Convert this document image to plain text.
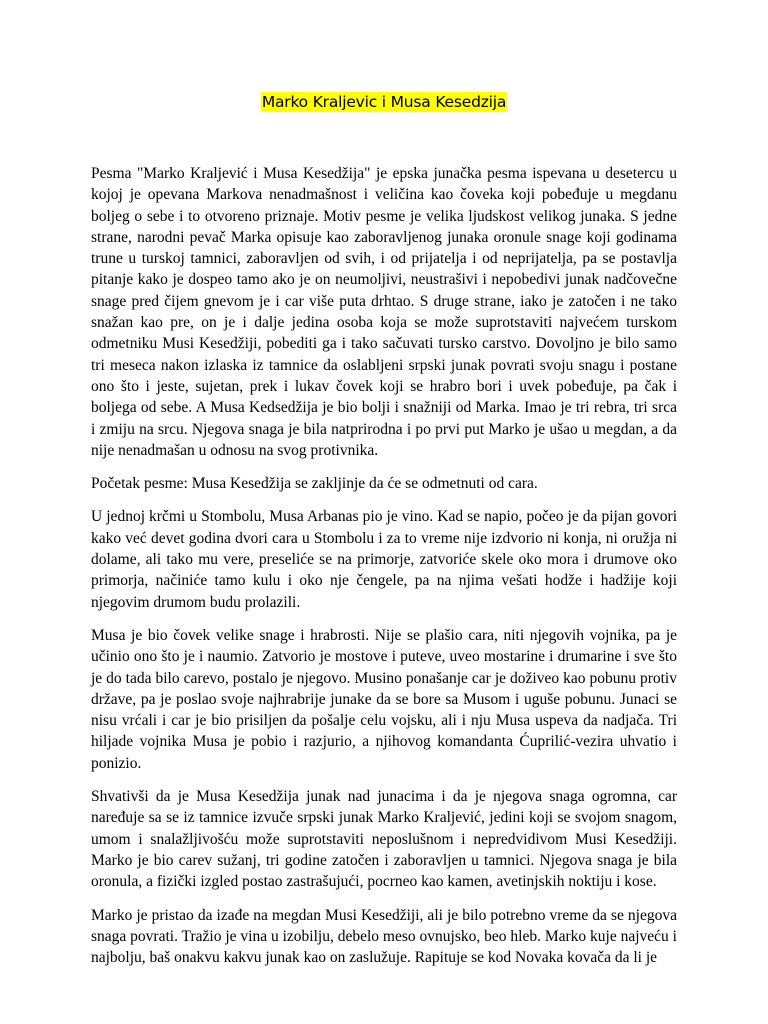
Marko Kraljevic i Musa Kesedzija

Pesma "Marko Kraljević i Musa Kesedžija" je epska junačka pesma ispevana u desetercu u kojoj je opevana Markova nenadmašnost i veličina kao čoveka koji pobeđuje u megdanu boljeg o sebe i to otvoreno priznaje. Motiv pesme je velika ljudskost velikog junaka. S jedne strane, narodni pevač Marka opisuje kao zaboravljenog junaka oronule snage koji godinama trune u turskoj tamnici, zaboravljen od svih, i od prijatelja i od neprijatelja, pa se postavlja pitanje kako je dospeo tamo ako je on neumoljivi, neustrašivi i nepobedivi junak nadčovečne snage pred čijem gnevom je i car više puta drhtao. S druge strane, iako je zatočen i ne tako snažan kao pre, on je i dalje jedina osoba koja se može suprotstaviti najvećem turskom odmetniku Musi Kesedžiji, pobediti ga i tako sačuvati tursko carstvo. Dovoljno je bilo samo tri meseca nakon izlaska iz tamnice da oslabljeni srpski junak povrati svoju snagu i postane ono što i jeste, sujetan, prek i lukav čovek koji se hrabro bori i uvek pobeđuje, pa čak i boljega od sebe. A Musa Kedsedžija je bio bolji i snažniji od Marka. Imao je tri rebra, tri srca i zmiju na srcu. Njegova snaga je bila natprirodna i po prvi put Marko je ušao u megdan, a da nije nenadmašan u odnosu na svog protivnika.

Početak pesme: Musa Kesedžija se zakljinje da će se odmetnuti od cara.

U jednoj krčmi u Stombolu, Musa Arbanas pio je vino. Kad se napio, počeo je da pijan govori kako već devet godina dvori cara u Stombolu i za to vreme nije izdvorio ni konja, ni oružja ni dolame, ali tako mu vere, preseliće se na primorje, zatvoriće skele oko mora i drumove oko primorja, načiniće tamo kulu i oko nje čengele, pa na njima vešati hodže i hadžije koji njegovim drumom budu prolazili.

Musa je bio čovek velike snage i hrabrosti. Nije se plašio cara, niti njegovih vojnika, pa je učinio ono što je i naumio. Zatvorio je mostove i puteve, uveo mostarine i drumarine i sve što je do tada bilo carevo, postalo je njegovo. Musino ponašanje car je doživeo kao pobunu protiv države, pa je poslao svoje najhrabrije junake da se bore sa Musom i uguše pobunu. Junaci se nisu vrćali i car je bio prisiljen da pošalje celu vojsku, ali i nju Musa uspeva da nadjača. Tri hiljade vojnika Musa je pobio i razjurio, a njihovog komandanta Ćuprilić-vezira uhvatio i ponizio.

Shvativši da je Musa Kesedžija junak nad junacima i da je njegova snaga ogromna, car naređuje sa se iz tamnice izvuče srpski junak Marko Kraljević, jedini koji se svojom snagom, umom i snalažljivošću može suprotstaviti neposlušnom i nepredvidivom Musi Kesedžiji. Marko je bio carev sužanj, tri godine zatočen i zaboravljen u tamnici. Njegova snaga je bila oronula, a fizički izgled postao zastrašujući, pocrneo kao kamen, avetinjskih noktiju i kose.

Marko je pristao da izađe na megdan Musi Kesedžiji, ali je bilo potrebno vreme da se njegova snaga povrati. Tražio je vina u izobilju, debelo meso ovnujsko, beo hleb. Marko kuje najveću i najbolju, baš onakvu kakvu junak kao on zaslužuje. Rapituje se kod Novaka kovača da li je
